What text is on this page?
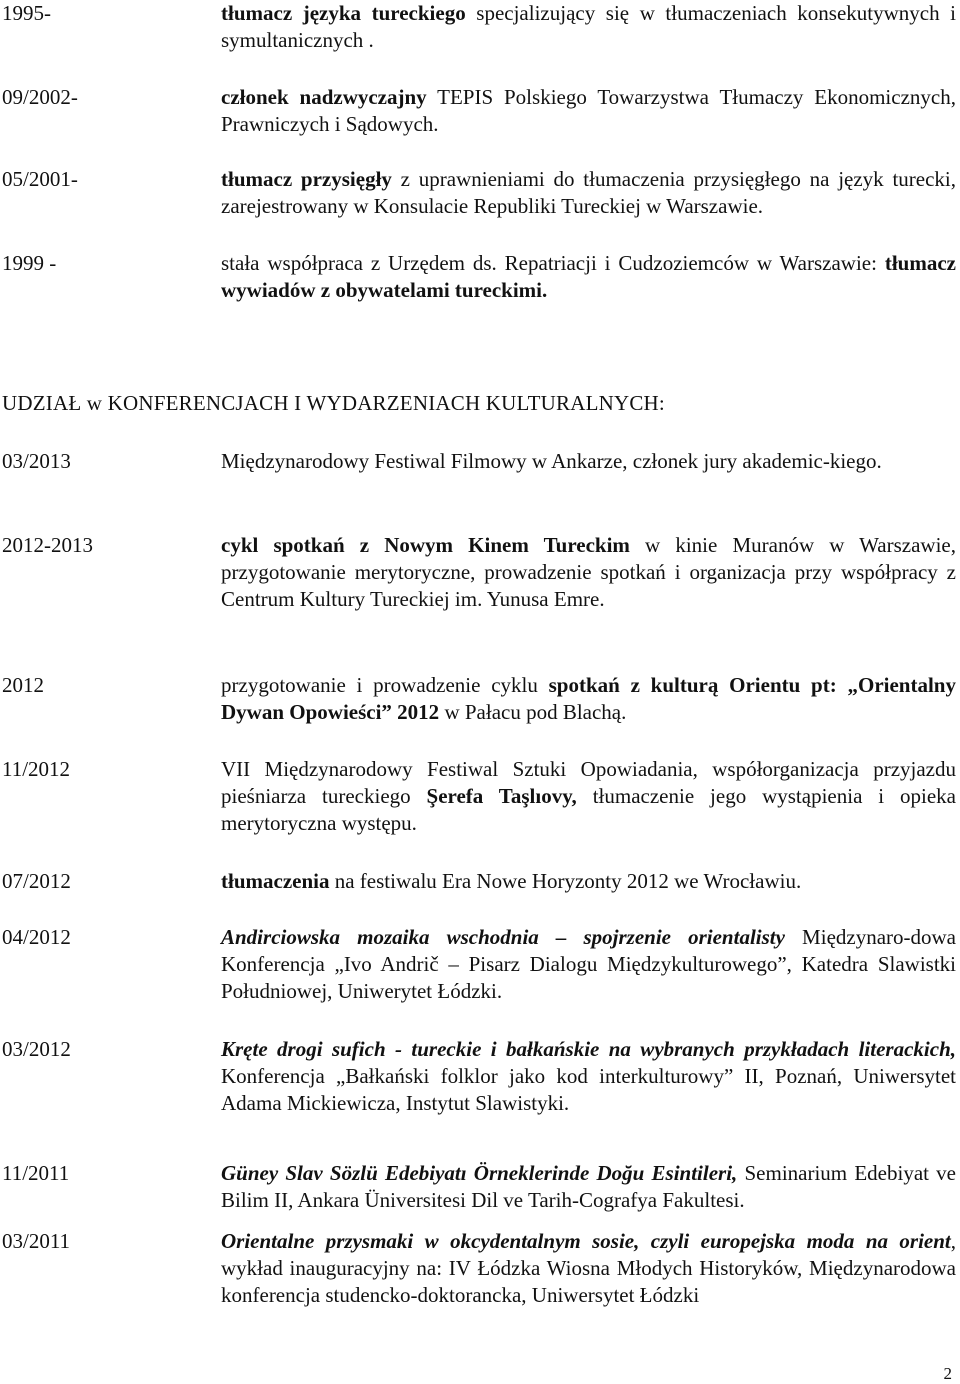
1995-	tłumacz języka tureckiego specjalizujący się w tłumaczeniach konsekutywnych i symultanicznych .
09/2002-	członek nadzwyczajny TEPIS Polskiego Towarzystwa Tłumaczy Ekonomicznych, Prawniczych i Sądowych.
05/2001-	tłumacz przysięgły z uprawnieniami do tłumaczenia przysięgłego na język turecki, zarejestrowany w Konsulacie Republiki Tureckiej w Warszawie.
1999 -	stała współpraca z Urzędem ds. Repatriacji i Cudzoziemców w Warszawie: tłumacz wywiadów z obywatelami tureckimi.
UDZIAŁ w KONFERENCJACH I WYDARZENIACH KULTURALNYCH:
03/2013	Międzynarodowy Festiwal Filmowy w Ankarze, członek jury akademic-kiego.
2012-2013	cykl spotkań z Nowym Kinem Tureckim w kinie Muranów w Warszawie, przygotowanie merytoryczne, prowadzenie spotkań i organizacja przy współpracy z Centrum Kultury Tureckiej im. Yunusa Emre.
2012	przygotowanie i prowadzenie cyklu spotkań z kulturą Orientu pt: „Orientalny Dywan Opowieści” 2012 w Pałacu pod Blachą.
11/2012	VII Międzynarodowy Festiwal Sztuki Opowiadania, współorganizacja przyjazdu pieśniarza tureckiego Şerefa Taşlıovy, tłumaczenie jego wystąpienia i opieka merytoryczna występu.
07/2012	tłumaczenia na festiwalu Era Nowe Horyzonty 2012 we Wrocławiu.
04/2012	Andirciowska mozaika wschodnia – spojrzenie orientalisty Międzynaro-dowa Konferencja „Ivo Andrič – Pisarz Dialogu Międzykulturowego”, Katedra Slawistki Południowej, Uniwerytet Łódzki.
03/2012	Kręte drogi sufich - tureckie i bałkańskie na wybranych przykładach literackich, Konferencja „Bałkański folklor jako kod interkulturowy” II, Poznań, Uniwersytet Adama Mickiewicza, Instytut Slawistyki.
11/2011	Güney Slav Sözlü Edebiyatı Örneklerinde Doğu Esintileri, Seminarium Edebiyat ve Bilim II, Ankara Üniversitesi Dil ve Tarih-Cografya Fakultesi.
03/2011	Orientalne przysmaki w okcydentalnym sosie, czyli europejska moda na orient, wykład inauguracyjny na: IV Łódzka Wiosna Młodych Historyków, Międzynarodowa konferencja studencko-doktorancka, Uniwersytet Łódzki
2
